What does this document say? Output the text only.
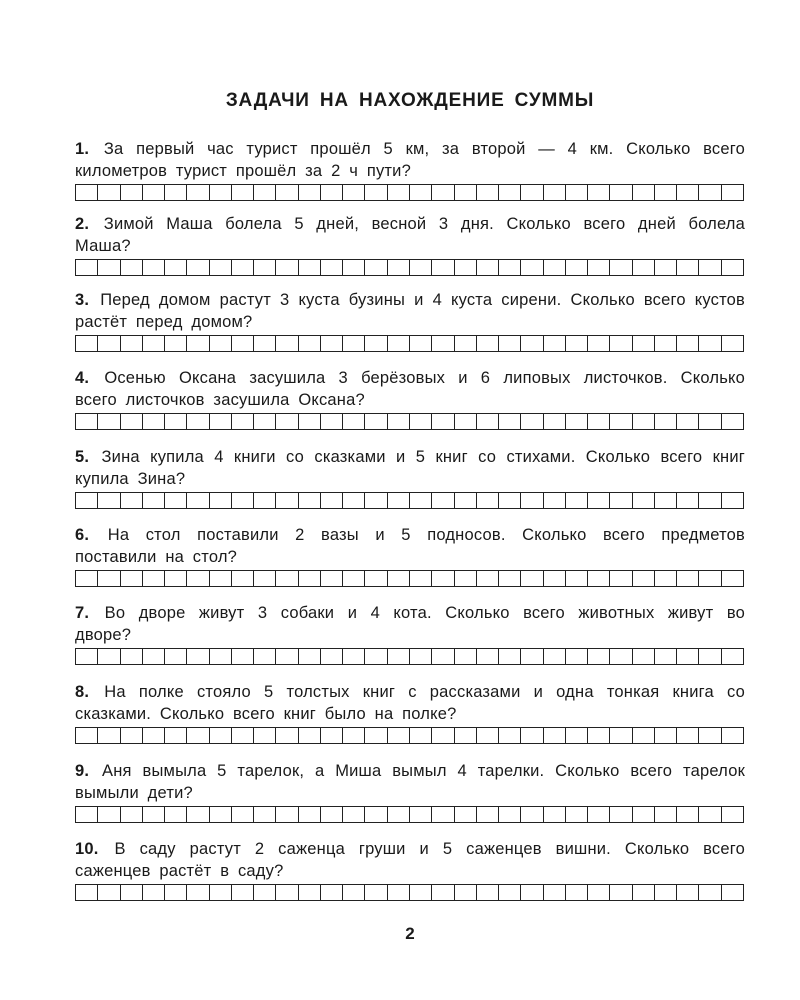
ЗАДАЧИ НА НАХОЖДЕНИЕ СУММЫ
1. За первый час турист прошёл 5 км, за второй — 4 км. Сколько всего километров турист прошёл за 2 ч пути?
2. Зимой Маша болела 5 дней, весной 3 дня. Сколько всего дней болела Маша?
3. Перед домом растут 3 куста бузины и 4 куста сирени. Сколько всего кустов растёт перед домом?
4. Осенью Оксана засушила 3 берёзовых и 6 липовых листочков. Сколько всего листочков засушила Оксана?
5. Зина купила 4 книги со сказками и 5 книг со стихами. Сколько всего книг купила Зина?
6. На стол поставили 2 вазы и 5 подносов. Сколько всего предметов поставили на стол?
7. Во дворе живут 3 собаки и 4 кота. Сколько всего животных живут во дворе?
8. На полке стояло 5 толстых книг с рассказами и одна тонкая книга со сказками. Сколько всего книг было на полке?
9. Аня вымыла 5 тарелок, а Миша вымыл 4 тарелки. Сколько всего тарелок вымыли дети?
10. В саду растут 2 саженца груши и 5 саженцев вишни. Сколько всего саженцев растёт в саду?
2
